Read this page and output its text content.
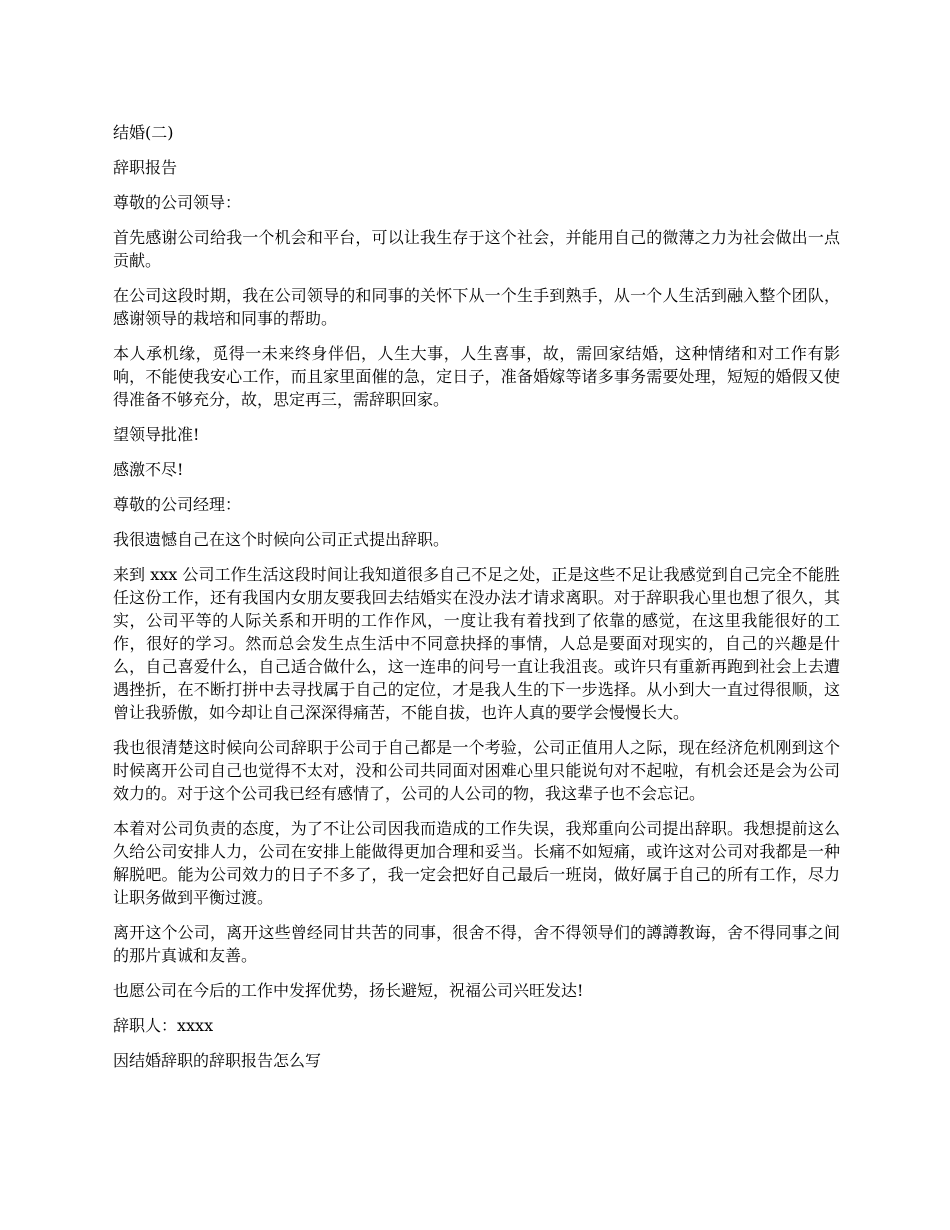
结婚(二)

辞职报告

尊敬的公司领导：

首先感谢公司给我一个机会和平台，可以让我生存于这个社会，并能用自己的微薄之力为社会做出一点贡献。

在公司这段时期，我在公司领导的和同事的关怀下从一个生手到熟手，从一个人生活到融入整个团队，感谢领导的栽培和同事的帮助。

本人承机缘，觅得一未来终身伴侣，人生大事，人生喜事，故，需回家结婚，这种情绪和对工作有影响，不能使我安心工作，而且家里面催的急，定日子，准备婚嫁等诸多事务需要处理，短短的婚假又使得准备不够充分，故，思定再三，需辞职回家。

望领导批准!

感激不尽!

尊敬的公司经理：

我很遗憾自己在这个时候向公司正式提出辞职。

来到 xxx 公司工作生活这段时间让我知道很多自己不足之处，正是这些不足让我感觉到自己完全不能胜任这份工作，还有我国内女朋友要我回去结婚实在没办法才请求离职。对于辞职我心里也想了很久，其实，公司平等的人际关系和开明的工作作风，一度让我有着找到了依靠的感觉，在这里我能很好的工作，很好的学习。然而总会发生点生活中不同意抉择的事情，人总是要面对现实的，自己的兴趣是什么，自己喜爱什么，自己适合做什么，这一连串的问号一直让我沮丧。或许只有重新再跑到社会上去遭遇挫折，在不断打拼中去寻找属于自己的定位，才是我人生的下一步选择。从小到大一直过得很顺，这曾让我骄傲，如今却让自己深深得痛苦，不能自拔，也许人真的要学会慢慢长大。

我也很清楚这时候向公司辞职于公司于自己都是一个考验，公司正值用人之际，现在经济危机刚到这个时候离开公司自己也觉得不太对，没和公司共同面对困难心里只能说句对不起啦，有机会还是会为公司效力的。对于这个公司我已经有感情了，公司的人公司的物，我这辈子也不会忘记。

本着对公司负责的态度，为了不让公司因我而造成的工作失误，我郑重向公司提出辞职。我想提前这么久给公司安排人力，公司在安排上能做得更加合理和妥当。长痛不如短痛，或许这对公司对我都是一种解脱吧。能为公司效力的日子不多了，我一定会把好自己最后一班岗，做好属于自己的所有工作，尽力让职务做到平衡过渡。

离开这个公司，离开这些曾经同甘共苦的同事，很舍不得，舍不得领导们的譐譐教诲，舍不得同事之间的那片真诚和友善。

也愿公司在今后的工作中发挥优势，扬长避短，祝福公司兴旺发达!

辞职人：xxxx

因结婚辞职的辞职报告怎么写
